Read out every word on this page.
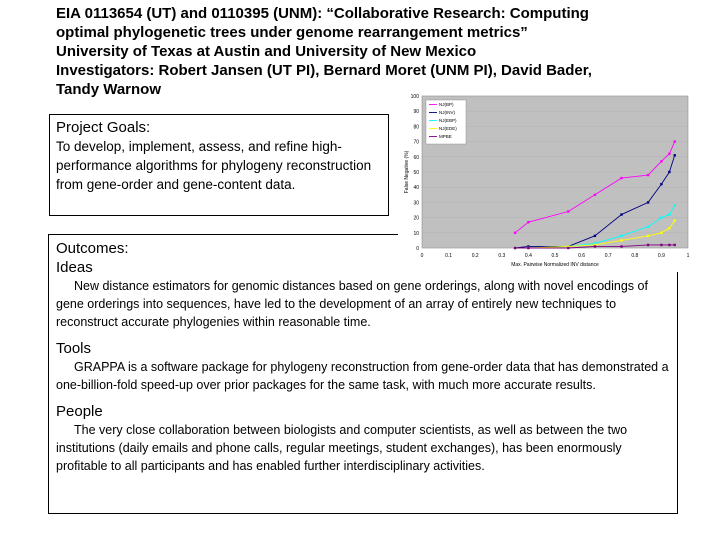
EIA 0113654 (UT) and 0110395 (UNM): “Collaborative Research: Computing
optimal phylogenetic trees under genome rearrangement metrics”
University of Texas at Austin and University of New Mexico
Investigators: Robert Jansen (UT PI), Bernard Moret (UNM PI), David Bader,
Tandy Warnow
Project Goals:
To develop, implement, assess, and refine high-performance algorithms for phylogeny reconstruction from gene-order and gene-content data.
Outcomes:
Ideas

New distance estimators for genomic distances based on gene orderings, along with novel encodings of gene orderings into sequences, have led to the development of an array of entirely new techniques to reconstruct accurate phylogenies within reasonable time.

Tools

GRAPPA is a software package for phylogeny reconstruction from gene-order data that has demonstrated a one-billion-fold speed-up over prior packages for the same task, with much more accurate results.

People

The very close collaboration between biologists and computer scientists, as well as between the two institutions (daily emails and phone calls, regular meetings, student exchanges), has been enormously profitable to all participants and has enabled further interdisciplinary activities.

0
10
20
30
40
50
60
70
80
90
100
0	0.1	0.2	0.3	0.4	0.5	0.6	0.7	0.8	0.9	1
Max. Pairwise Normalized INV distance
False Negative (%)
NJ(BP)
NJ(INV)
NJ(EBP)
NJ(EDE)
MPBE
